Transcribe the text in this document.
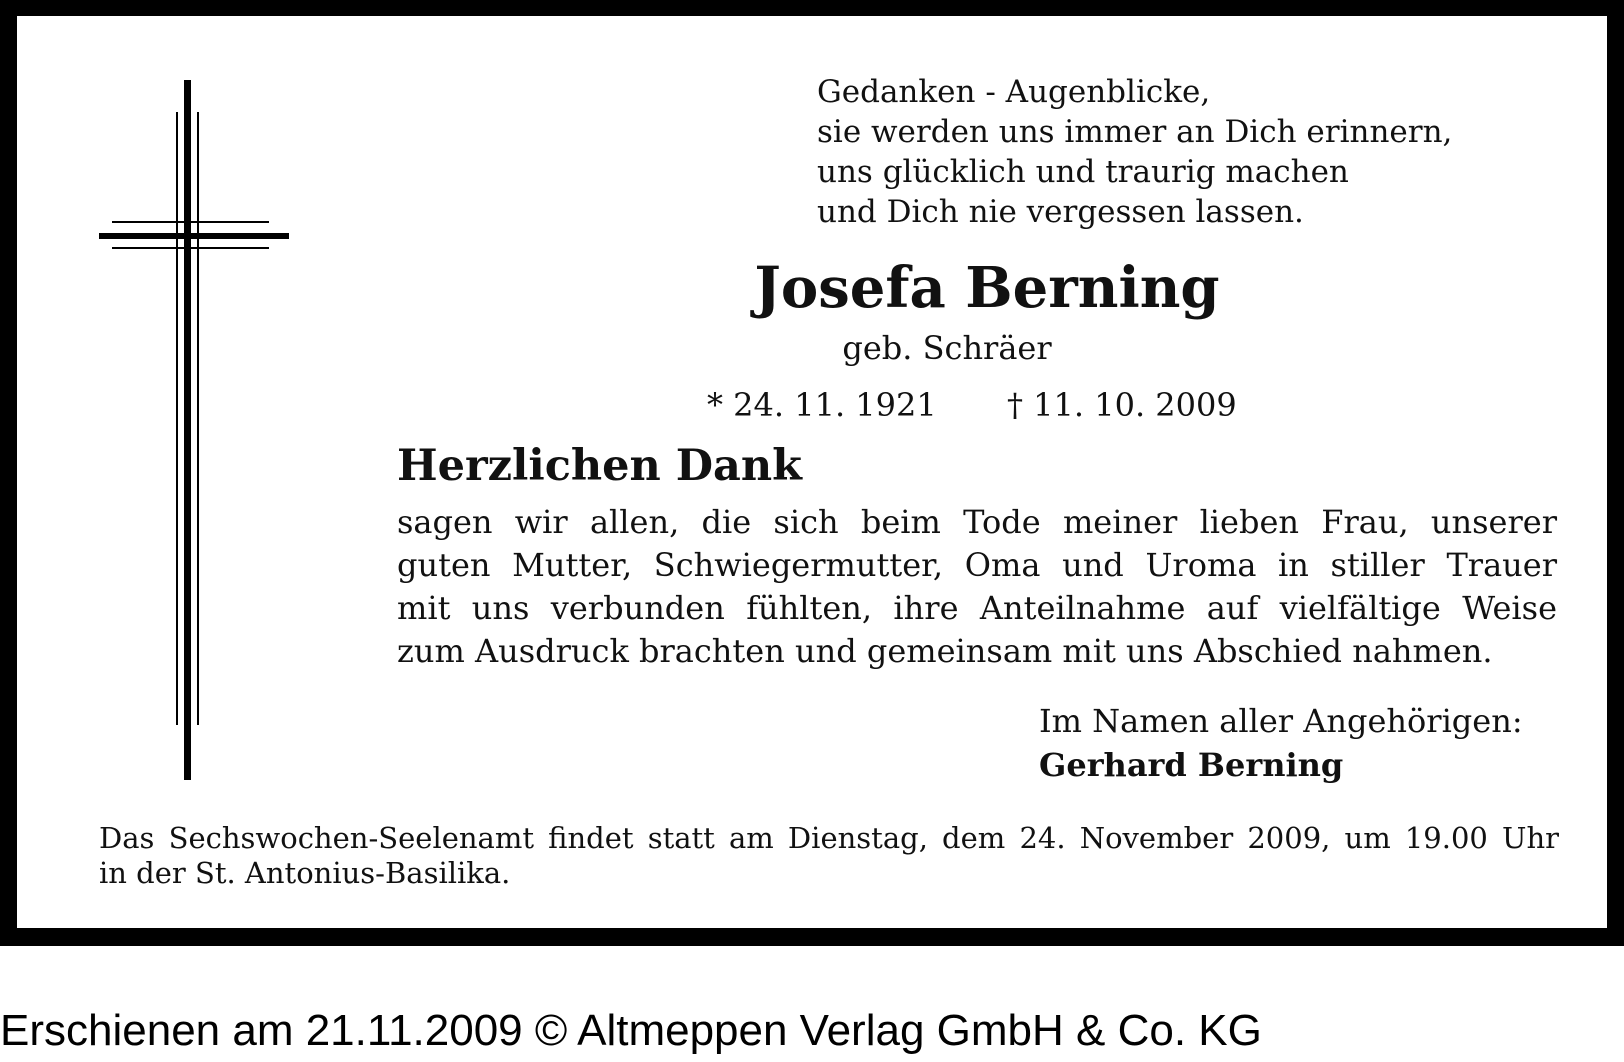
Gedanken - Augenblicke,
sie werden uns immer an Dich erinnern,
uns glücklich und traurig machen
und Dich nie vergessen lassen.
Josefa Berning
geb. Schräer
* 24. 11. 1921 † 11. 10. 2009
Herzlichen Dank
sagen wir allen, die sich beim Tode meiner lieben Frau, unserer
guten Mutter, Schwiegermutter, Oma und Uroma in stiller Trauer
mit uns verbunden fühlten, ihre Anteilnahme auf vielfältige Weise
zum Ausdruck brachten und gemeinsam mit uns Abschied nahmen.
Im Namen aller Angehörigen:
Gerhard Berning
Das Sechswochen-Seelenamt findet statt am Dienstag, dem 24. November 2009, um 19.00 Uhr
in der St. Antonius-Basilika.
Erschienen am 21.11.2009 © Altmeppen Verlag GmbH & Co. KG
